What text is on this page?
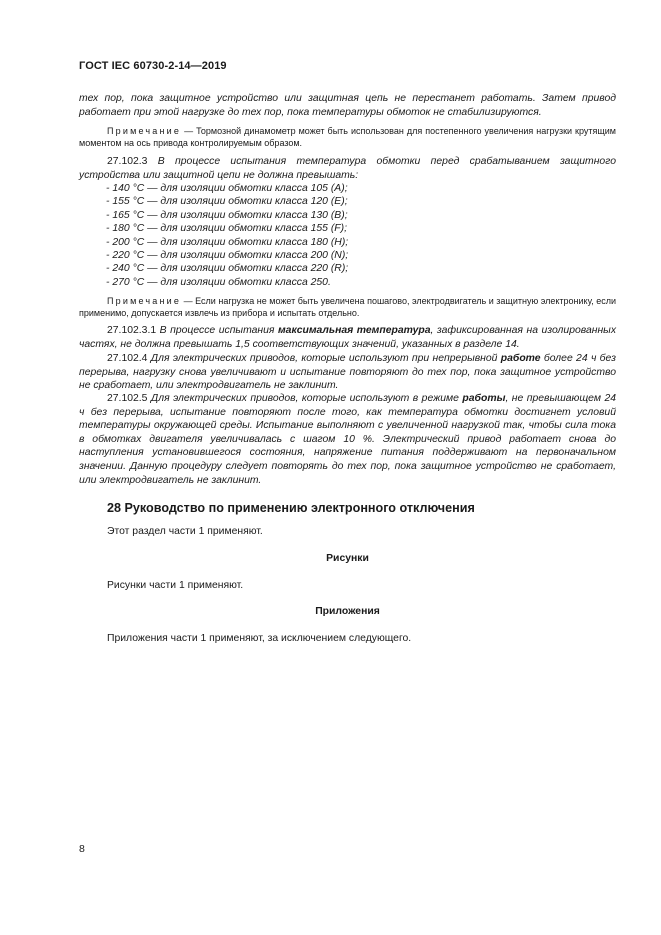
ГОСТ IEC 60730-2-14—2019
тех пор, пока защитное устройство или защитная цепь не перестанет работать. Затем привод работает при этой нагрузке до тех пор, пока температуры обмоток не стабилизируются.
Примечание — Тормозной динамометр может быть использован для постепенного увеличения нагрузки крутящим моментом на ось привода контролируемым образом.
27.102.3 В процессе испытания температура обмотки перед срабатыванием защитного устройства или защитной цепи не должна превышать:
- 140 °С — для изоляции обмотки класса 105 (А);
- 155 °С — для изоляции обмотки класса 120 (Е);
- 165 °С — для изоляции обмотки класса 130 (В);
- 180 °С — для изоляции обмотки класса 155 (F);
- 200 °С — для изоляции обмотки класса 180 (Н);
- 220 °С — для изоляции обмотки класса 200 (N);
- 240 °С — для изоляции обмотки класса 220 (R);
- 270 °С — для изоляции обмотки класса 250.
Примечание — Если нагрузка не может быть увеличена пошагово, электродвигатель и защитную электронику, если применимо, допускается извлечь из прибора и испытать отдельно.
27.102.3.1 В процессе испытания максимальная температура, зафиксированная на изолированных частях, не должна превышать 1,5 соответствующих значений, указанных в разделе 14.
27.102.4 Для электрических приводов, которые используют при непрерывной работе более 24 ч без перерыва, нагрузку снова увеличивают и испытание повторяют до тех пор, пока защитное устройство не сработает, или электродвигатель не заклинит.
27.102.5 Для электрических приводов, которые используют в режиме работы, не превышающем 24 ч без перерыва, испытание повторяют после того, как температура обмотки достигнет условий температуры окружающей среды. Испытание выполняют с увеличенной нагрузкой так, чтобы сила тока в обмотках двигателя увеличивалась с шагом 10 %. Электрический привод работает снова до наступления установившегося состояния, напряжение питания поддерживают на первоначальном значении. Данную процедуру следует повторять до тех пор, пока защитное устройство не сработает, или электродвигатель не заклинит.
28 Руководство по применению электронного отключения
Этот раздел части 1 применяют.
Рисунки
Рисунки части 1 применяют.
Приложения
Приложения части 1 применяют, за исключением следующего.
8
